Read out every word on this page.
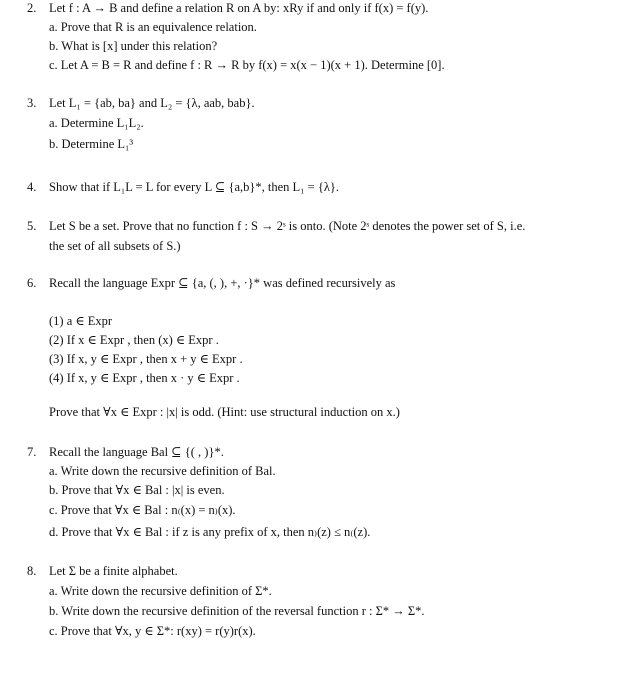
2. Let f : A → B and define a relation R on A by: xRy if and only if f(x) = f(y).
a. Prove that R is an equivalence relation.
b. What is [x] under this relation?
c. Let A = B = R and define f : R → R by f(x) = x(x − 1)(x + 1). Determine [0].
3. Let L₁ = {ab, ba} and L₂ = {λ, aab, bab}.
a. Determine L₁L₂.
b. Determine L₁³
4. Show that if L₁L = L for every L ⊆ {a,b}*, then L₁ = {λ}.
5. Let S be a set. Prove that no function f : S → 2ˢ is onto. (Note 2ˢ denotes the power set of S, i.e.
the set of all subsets of S.)
6. Recall the language Expr ⊆ {a, (, ), +, ·}* was defined recursively as
(1) a ∈ Expr
(2) If x ∈ Expr , then (x) ∈ Expr .
(3) If x, y ∈ Expr , then x + y ∈ Expr .
(4) If x, y ∈ Expr , then x · y ∈ Expr .
Prove that ∀x ∈ Expr : |x| is odd. (Hint: use structural induction on x.)
7. Recall the language Bal ⊆ {( , )}*.
a. Write down the recursive definition of Bal.
b. Prove that ∀x ∈ Bal : |x| is even.
c. Prove that ∀x ∈ Bal : n₍(x) = n₎(x).
d. Prove that ∀x ∈ Bal : if z is any prefix of x, then n₎(z) ≤ n₍(z).
8. Let Σ be a finite alphabet.
a. Write down the recursive definition of Σ*.
b. Write down the recursive definition of the reversal function r : Σ* → Σ*.
c. Prove that ∀x, y ∈ Σ*: r(xy) = r(y)r(x).
